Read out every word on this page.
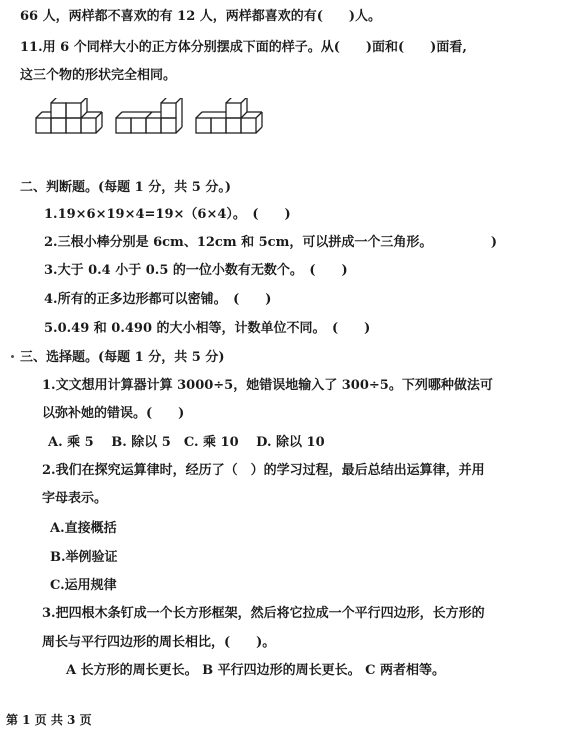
66 人，两样都不喜欢的有 12 人，两样都喜欢的有(　　)人。
11.用 6 个同样大小的正方体分别摆成下面的样子。从(　　)面和(　　)面看,
这三个物的形状完全相同。
二、判断题。(每题 1 分，共 5 分。)
1.19×6×19×4=19×（6×4）。　(　　)
2.三根小棒分别是 6cm、12cm 和 5cm，可以拼成一个三角形。　　　　　)
3.大于 0.4 小于 0.5 的一位小数有无数个。　(　　)
4.所有的正多边形都可以密铺。　(　　)
5.0.49 和 0.490 的大小相等，计数单位不同。　(　　)
三、选择题。(每题 1 分，共 5 分)
1.文文想用计算器计算 3000÷5，她错误地输入了 300÷5。下列哪种做法可
以弥补她的错误。(　　)
A. 乘 5　 B. 除以 5　C. 乘 10　 D. 除以 10
2.我们在探究运算律时，经历了（　）的学习过程，最后总结出运算律，并用
字母表示。
A.直接概括
B.举例验证
C.运用规律
3.把四根木条钉成一个长方形框架，然后将它拉成一个平行四边形，长方形的
周长与平行四边形的周长相比，(　　)。
A 长方形的周长更长。 B 平行四边形的周长更长。 C 两者相等。
第 1 页 共 3 页
